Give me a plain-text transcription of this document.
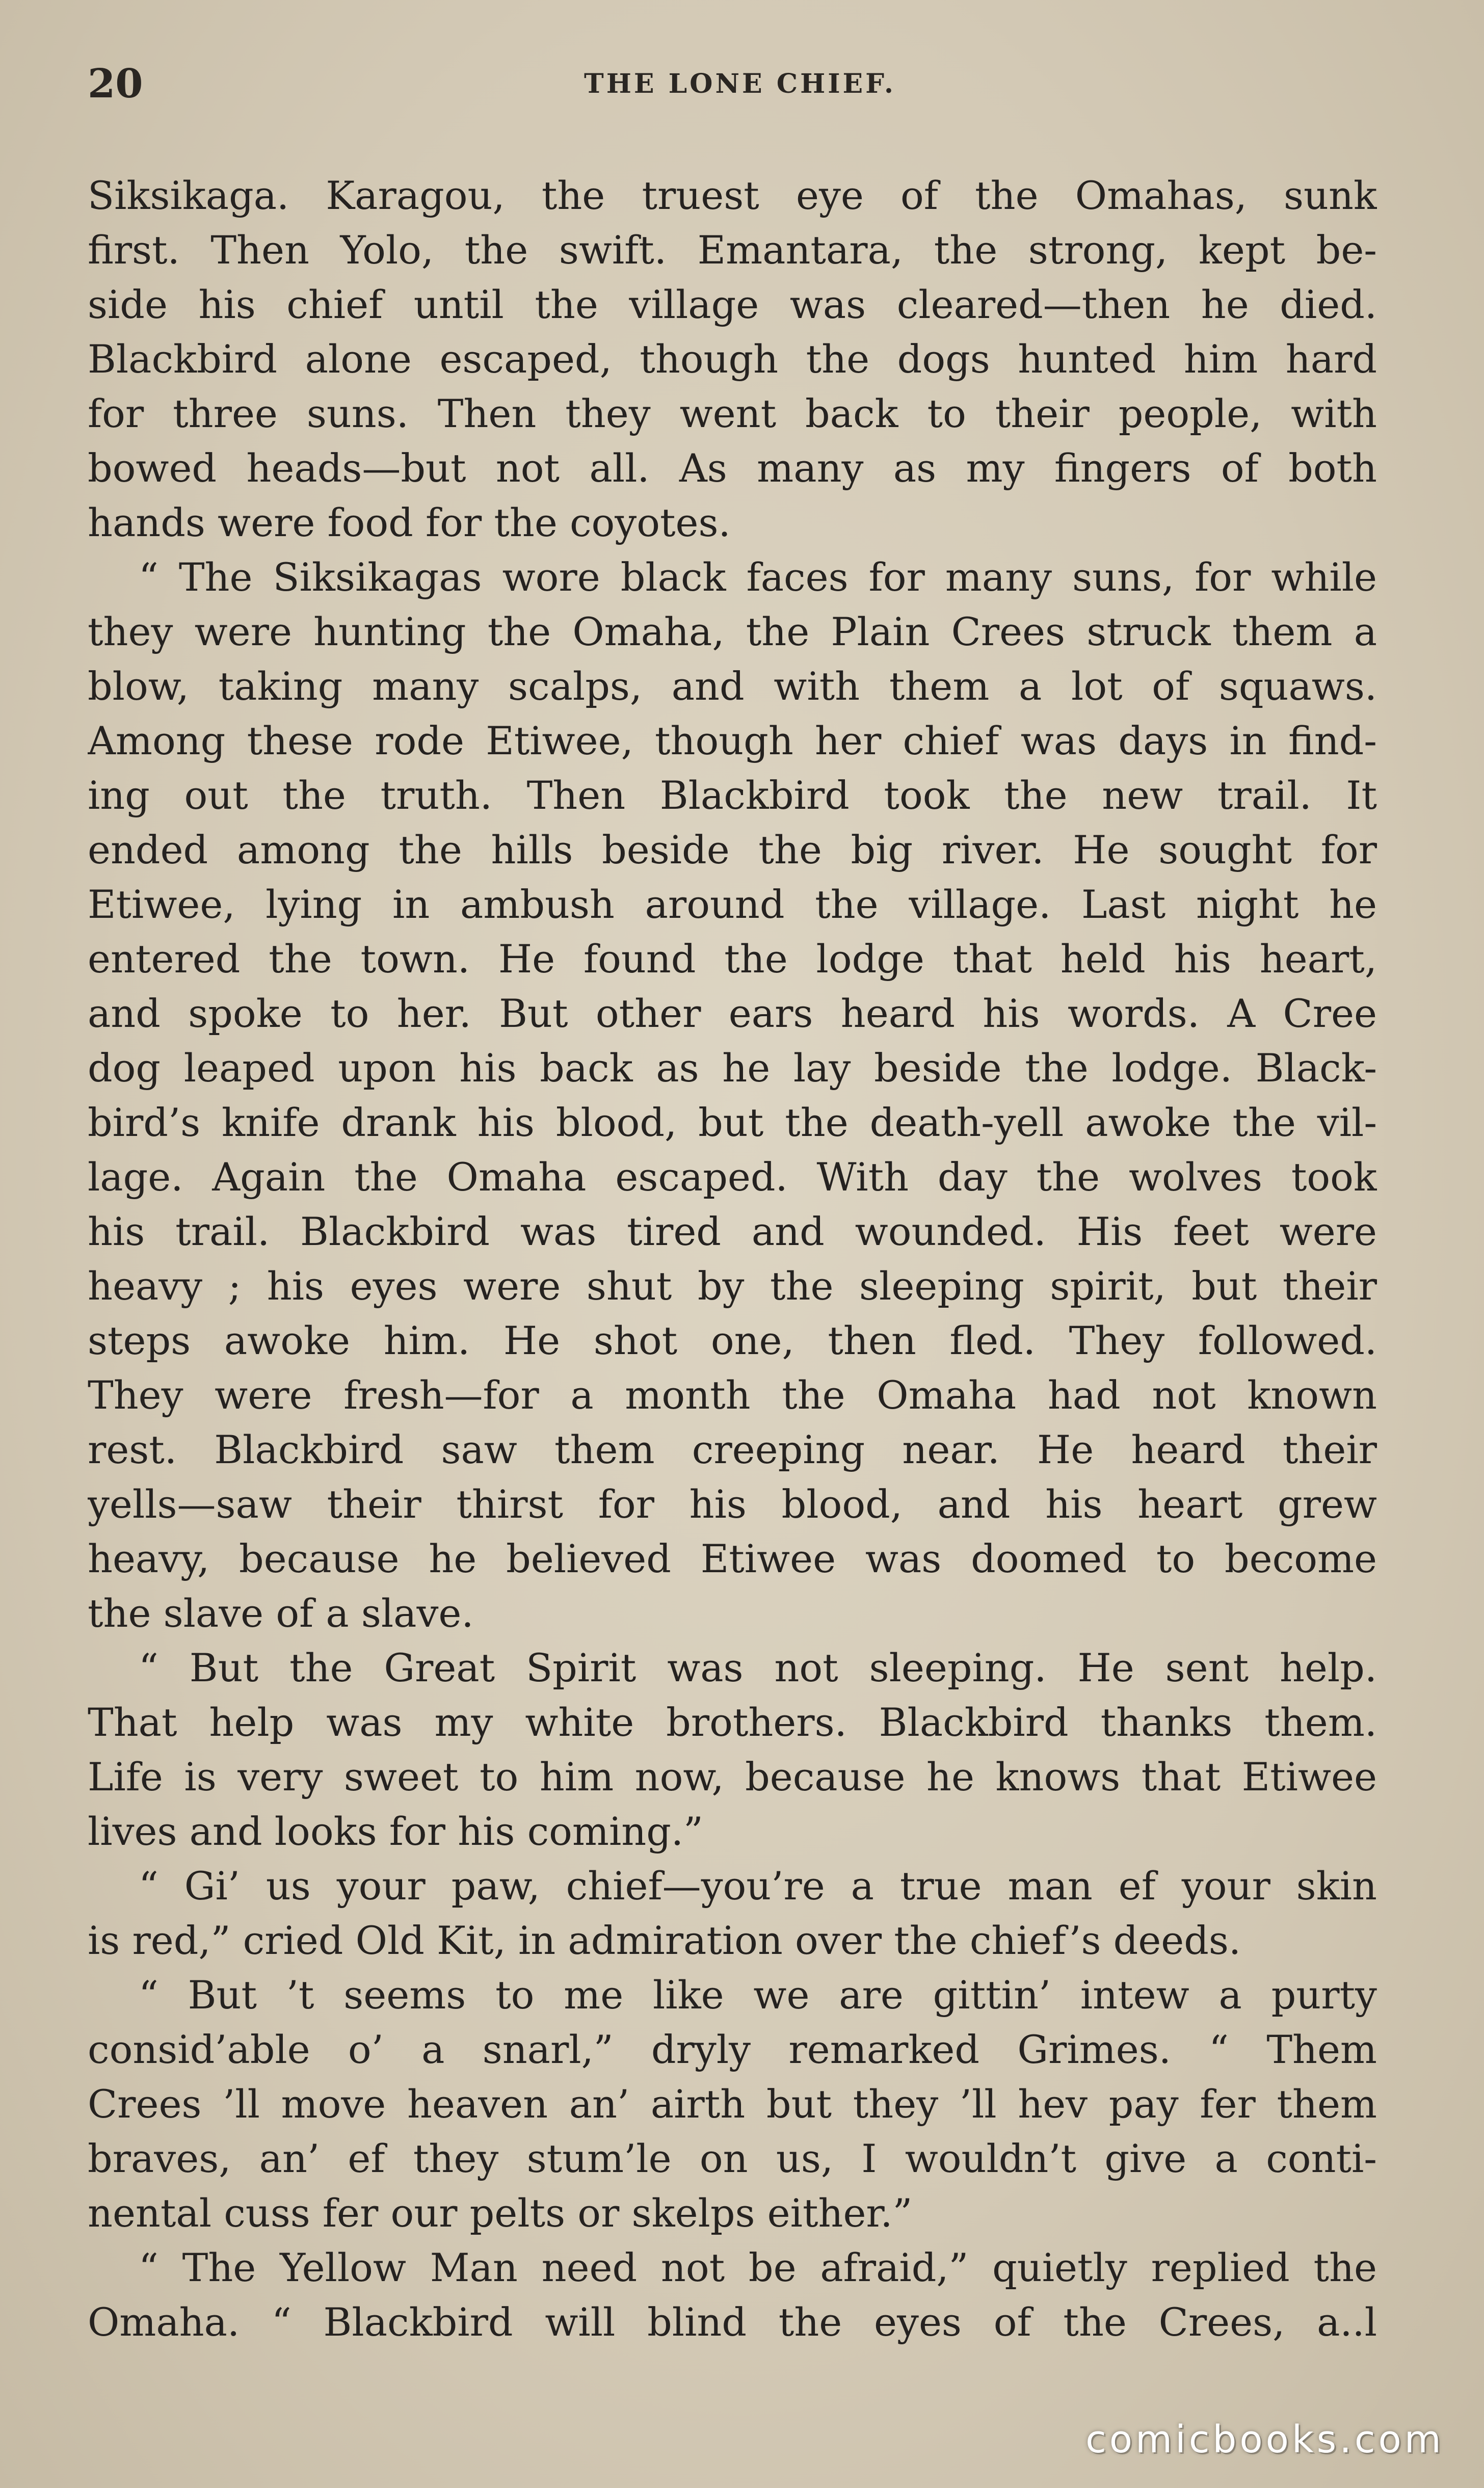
20	THE LONE CHIEF.
Siksikaga. Karagou, the truest eye of the Omahas, sunk
first. Then Yolo, the swift. Emantara, the strong, kept be-
side his chief until the village was cleared—then he died.
Blackbird alone escaped, though the dogs hunted him hard
for three suns. Then they went back to their people, with
bowed heads—but not all. As many as my fingers of both
hands were food for the coyotes.
“ The Siksikagas wore black faces for many suns, for while
they were hunting the Omaha, the Plain Crees struck them a
blow, taking many scalps, and with them a lot of squaws.
Among these rode Etiwee, though her chief was days in find-
ing out the truth. Then Blackbird took the new trail. It
ended among the hills beside the big river. He sought for
Etiwee, lying in ambush around the village. Last night he
entered the town. He found the lodge that held his heart,
and spoke to her. But other ears heard his words. A Cree
dog leaped upon his back as he lay beside the lodge. Black-
bird’s knife drank his blood, but the death-yell awoke the vil-
lage. Again the Omaha escaped. With day the wolves took
his trail. Blackbird was tired and wounded. His feet were
heavy ; his eyes were shut by the sleeping spirit, but their
steps awoke him. He shot one, then fled. They followed.
They were fresh—for a month the Omaha had not known
rest. Blackbird saw them creeping near. He heard their
yells—saw their thirst for his blood, and his heart grew
heavy, because he believed Etiwee was doomed to become
the slave of a slave.
“ But the Great Spirit was not sleeping. He sent help.
That help was my white brothers. Blackbird thanks them.
Life is very sweet to him now, because he knows that Etiwee
lives and looks for his coming.”
“ Gi’ us your paw, chief—you’re a true man ef your skin
is red,” cried Old Kit, in admiration over the chief’s deeds.
“ But ’t seems to me like we are gittin’ intew a purty
consid’able o’ a snarl,” dryly remarked Grimes. “ Them
Crees ’ll move heaven an’ airth but they ’ll hev pay fer them
braves, an’ ef they stum’le on us, I wouldn’t give a conti-
nental cuss fer our pelts or skelps either.”
“ The Yellow Man need not be afraid,” quietly replied the
Omaha. “ Blackbird will blind the eyes of the Crees, a..l
comicbooks.com
